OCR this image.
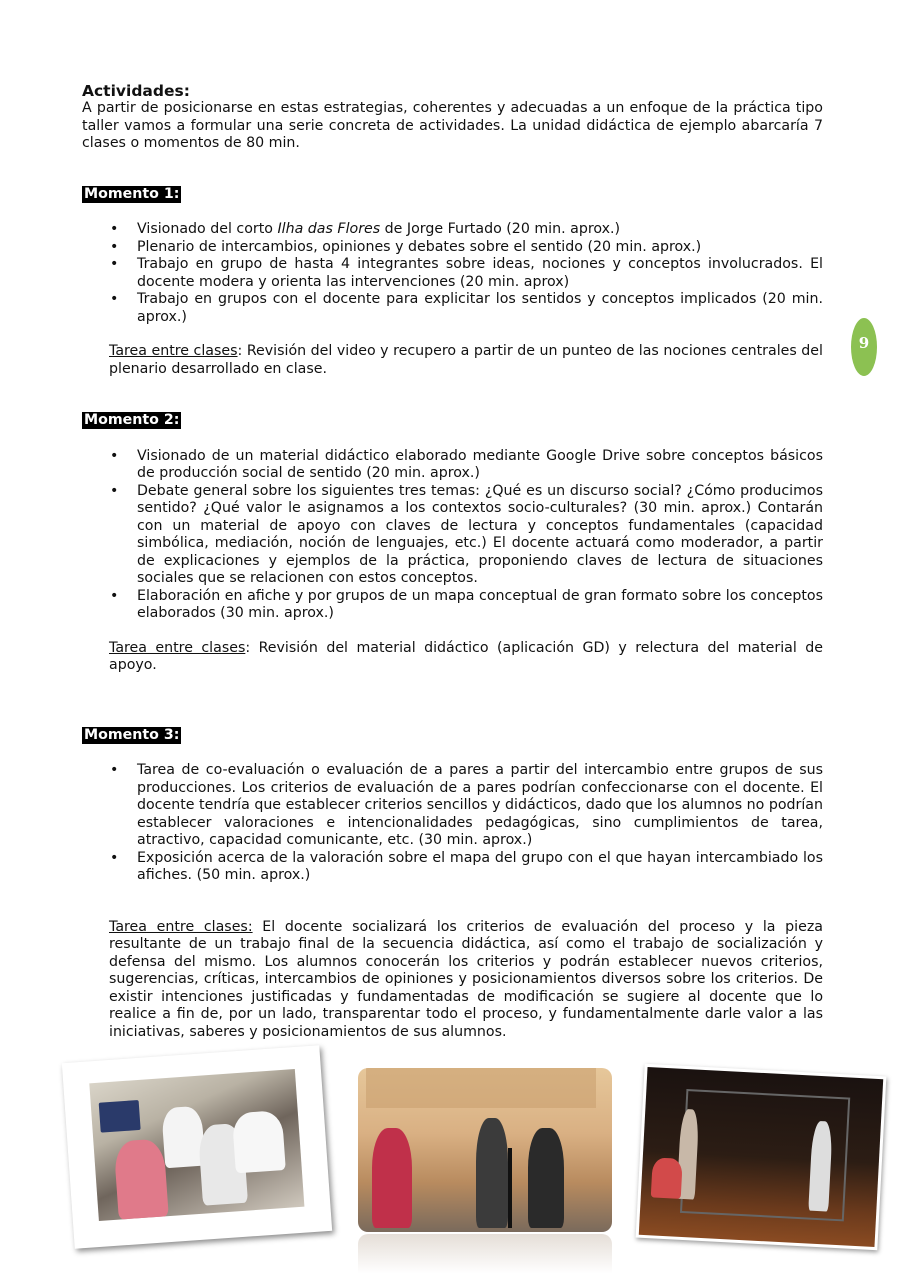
9
Actividades:

A partir de posicionarse en estas estrategias, coherentes y adecuadas a un enfoque de la práctica tipo taller vamos a formular una serie concreta de actividades. La unidad didáctica de ejemplo abarcaría 7 clases o momentos de 80 min.

Momento 1:
• Visionado del corto Ilha das Flores de Jorge Furtado (20 min. aprox.)
• Plenario de intercambios, opiniones y debates sobre el sentido (20 min. aprox.)
• Trabajo en grupo de hasta 4 integrantes sobre ideas, nociones y conceptos involucrados. El docente modera y orienta las intervenciones (20 min. aprox)
• Trabajo en grupos con el docente para explicitar los sentidos y conceptos implicados (20 min. aprox.)

Tarea entre clases: Revisión del video y recupero a partir de un punteo de las nociones centrales del plenario desarrollado en clase.

Momento 2:
• Visionado de un material didáctico elaborado mediante Google Drive sobre conceptos básicos de producción social de sentido (20 min. aprox.)
• Debate general sobre los siguientes tres temas: ¿Qué es un discurso social? ¿Cómo producimos sentido? ¿Qué valor le asignamos a los contextos socio-culturales? (30 min. aprox.) Contarán con un material de apoyo con claves de lectura y conceptos fundamentales (capacidad simbólica, mediación, noción de lenguajes, etc.) El docente actuará como moderador, a partir de explicaciones y ejemplos de la práctica, proponiendo claves de lectura de situaciones sociales que se relacionen con estos conceptos.
• Elaboración en afiche y por grupos de un mapa conceptual de gran formato sobre los conceptos elaborados (30 min. aprox.)

Tarea entre clases: Revisión del material didáctico (aplicación GD) y relectura del material de apoyo.

Momento 3:
• Tarea de co-evaluación o evaluación de a pares a partir del intercambio entre grupos de sus producciones. Los criterios de evaluación de a pares podrían confeccionarse con el docente. El docente tendría que establecer criterios sencillos y didácticos, dado que los alumnos no podrían establecer valoraciones e intencionalidades pedagógicas, sino cumplimientos de tarea, atractivo, capacidad comunicante, etc. (30 min. aprox.)
• Exposición acerca de la valoración sobre el mapa del grupo con el que hayan intercambiado los afiches. (50 min. aprox.)

Tarea entre clases: El docente socializará los criterios de evaluación del proceso y la pieza resultante de un trabajo final de la secuencia didáctica, así como el trabajo de socialización y defensa del mismo. Los alumnos conocerán los criterios y podrán establecer nuevos criterios, sugerencias, críticas, intercambios de opiniones y posicionamientos diversos sobre los criterios. De existir intenciones justificadas y fundamentadas de modificación se sugiere al docente que lo realice a fin de, por un lado, transparentar todo el proceso, y fundamentalmente darle valor a las iniciativas, saberes y posicionamientos de sus alumnos.
